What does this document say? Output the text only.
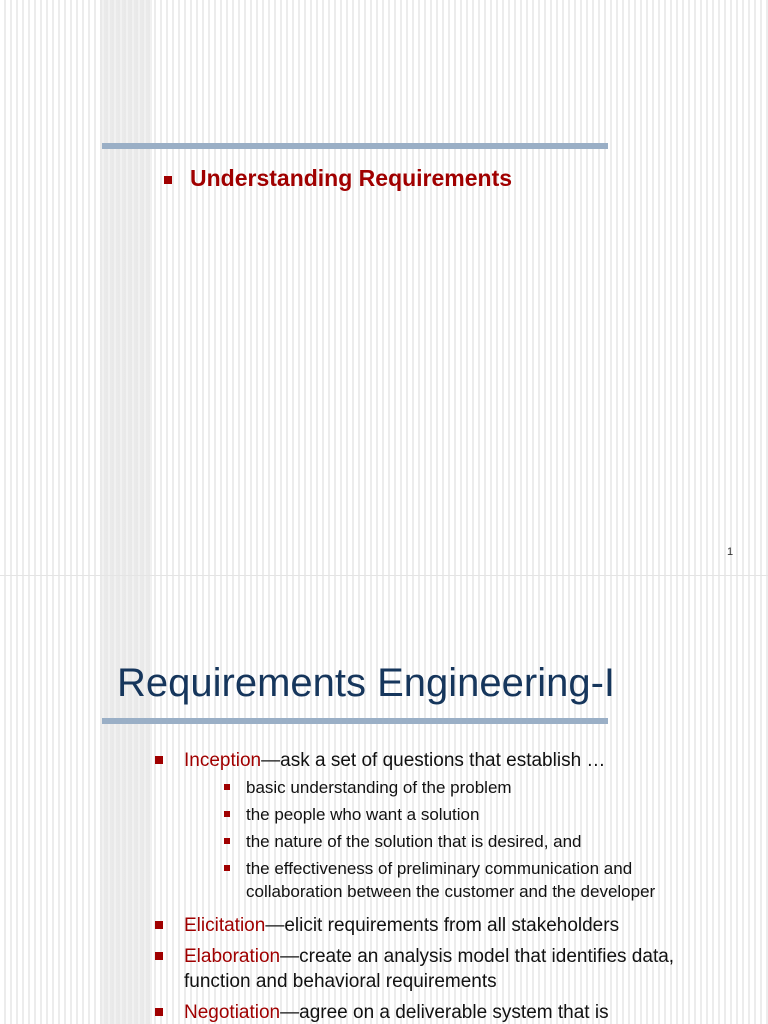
Understanding Requirements
1
Requirements Engineering-I
Inception—ask a set of questions that establish …
basic understanding of the problem
the people who want a solution
the nature of the solution that is desired, and
the effectiveness of preliminary communication and collaboration between the customer and the developer
Elicitation—elicit requirements from all stakeholders
Elaboration—create an analysis model that identifies data, function and behavioral requirements
Negotiation—agree on a deliverable system that is
